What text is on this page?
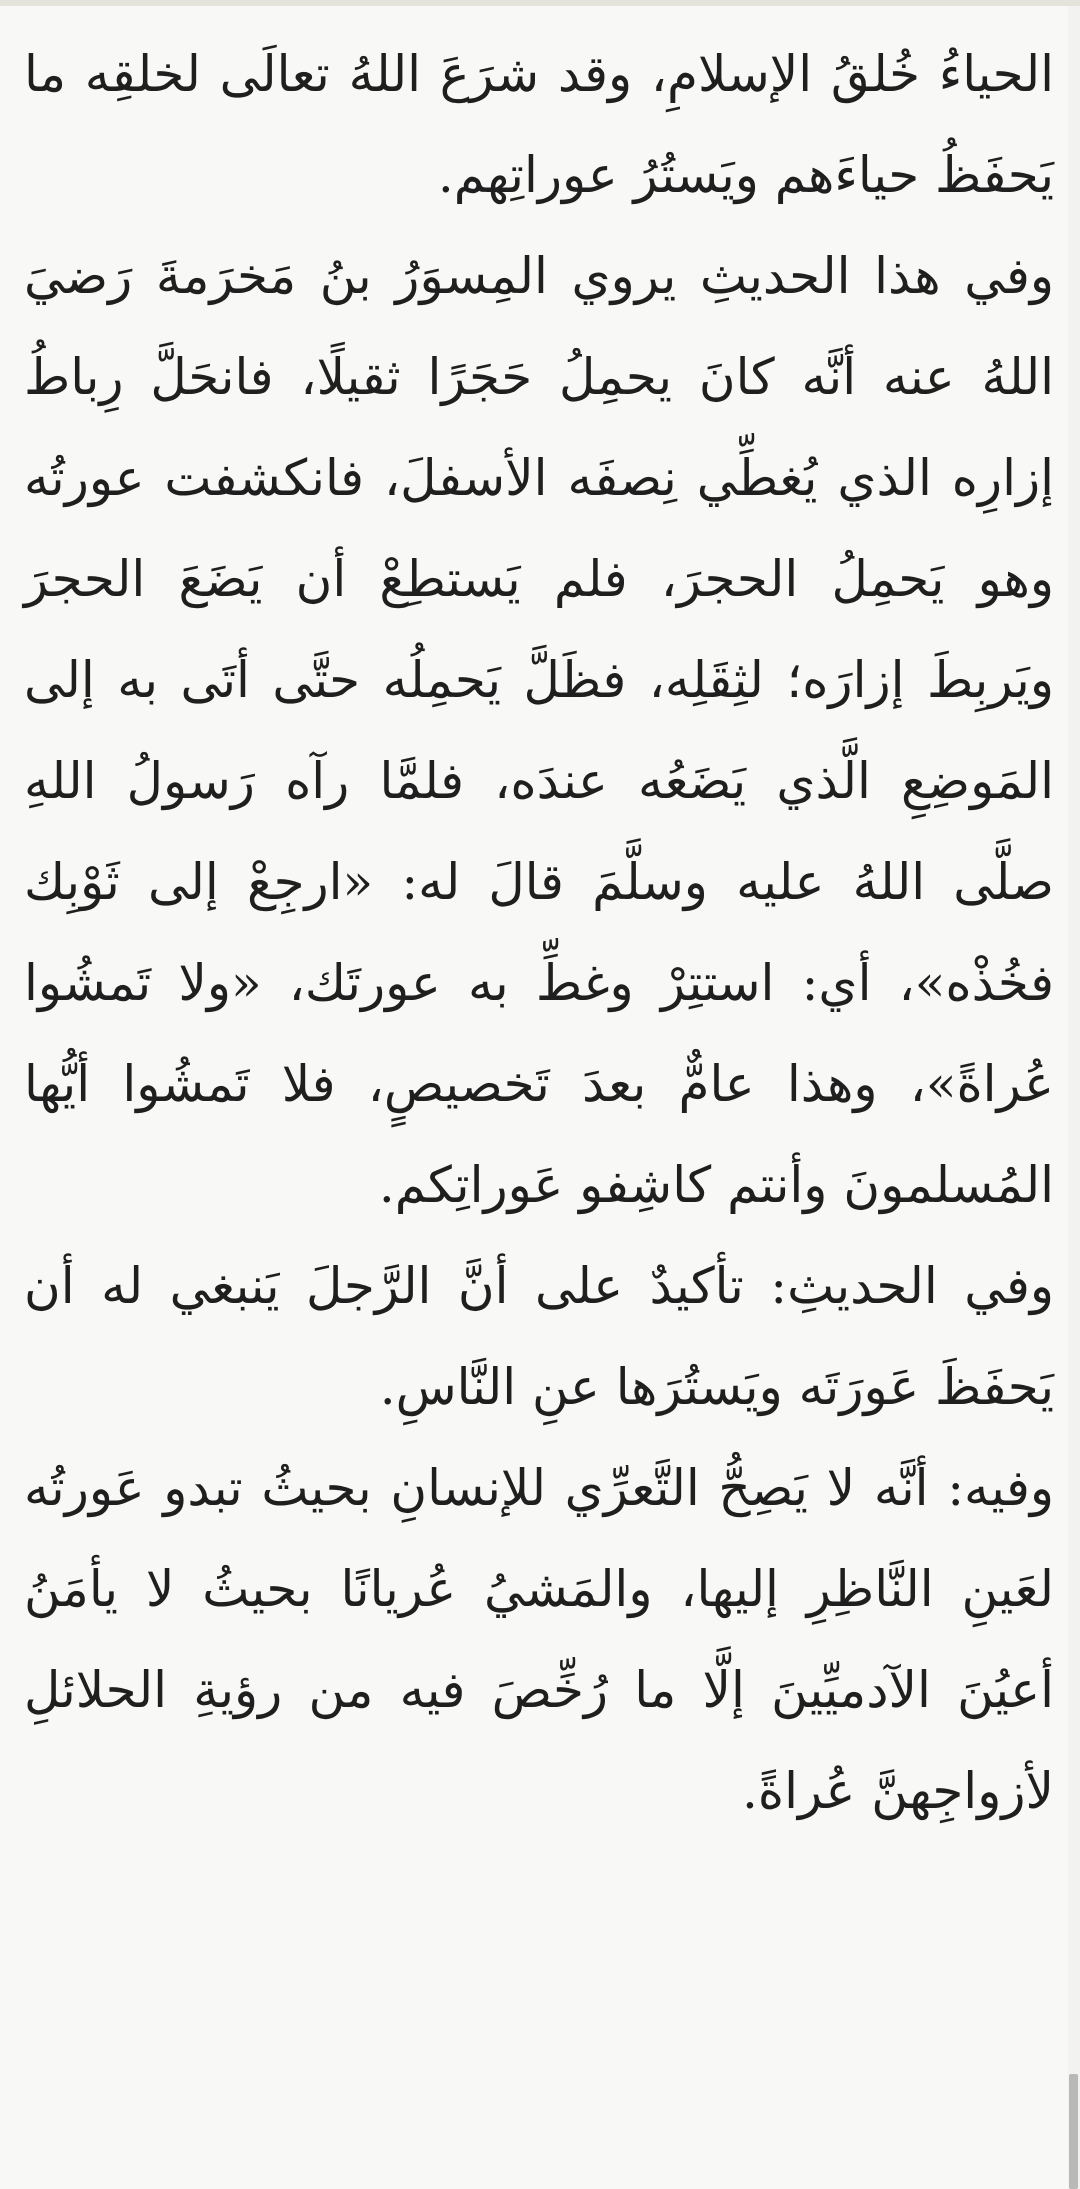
الحياءُ خُلقُ الإسلامِ، وقد شرَعَ اللهُ تعالَى لخلقِه ما يَحفَظُ حياءَهم ويَستُرُ عوراتِهم.

وفي هذا الحديثِ يروي المِسوَرُ بنُ مَخرَمةَ رَضيَ اللهُ عنه أنَّه كانَ يحمِلُ حَجَرًا ثقيلًا، فانحَلَّ رِباطُ إزارِه الذي يُغطِّي نِصفَه الأسفلَ، فانكشفت عورتُه وهو يَحمِلُ الحجرَ، فلم يَستطِعْ أن يَضَعَ الحجرَ ويَربِطَ إزارَه؛ لثِقَلِه، فظَلَّ يَحمِلُه حتَّى أتَى به إلى المَوضِعِ الَّذي يَضَعُه عندَه، فلمَّا رآه رَسولُ اللهِ صلَّى اللهُ عليه وسلَّمَ قالَ له: «ارجِعْ إلى ثَوْبِك فخُذْه»، أي: استتِرْ وغطِّ به عورتَك، «ولا تَمشُوا عُراةً»، وهذا عامٌّ بعدَ تَخصيصٍ، فلا تَمشُوا أيُّها المُسلمونَ وأنتم كاشِفو عَوراتِكم.

وفي الحديثِ: تأكيدٌ على أنَّ الرَّجلَ يَنبغي له أن يَحفَظَ عَورَتَه ويَستُرَها عنِ النَّاسِ.

وفيه: أنَّه لا يَصِحُّ التَّعرِّي للإنسانِ بحيثُ تبدو عَورتُه لعَينِ النَّاظِرِ إليها، والمَشيُ عُريانًا بحيثُ لا يأمَنُ أعيُنَ الآدميِّينَ إلَّا ما رُخِّصَ فيه من رؤيةِ الحلائلِ لأزواجِهنَّ عُراةً.
